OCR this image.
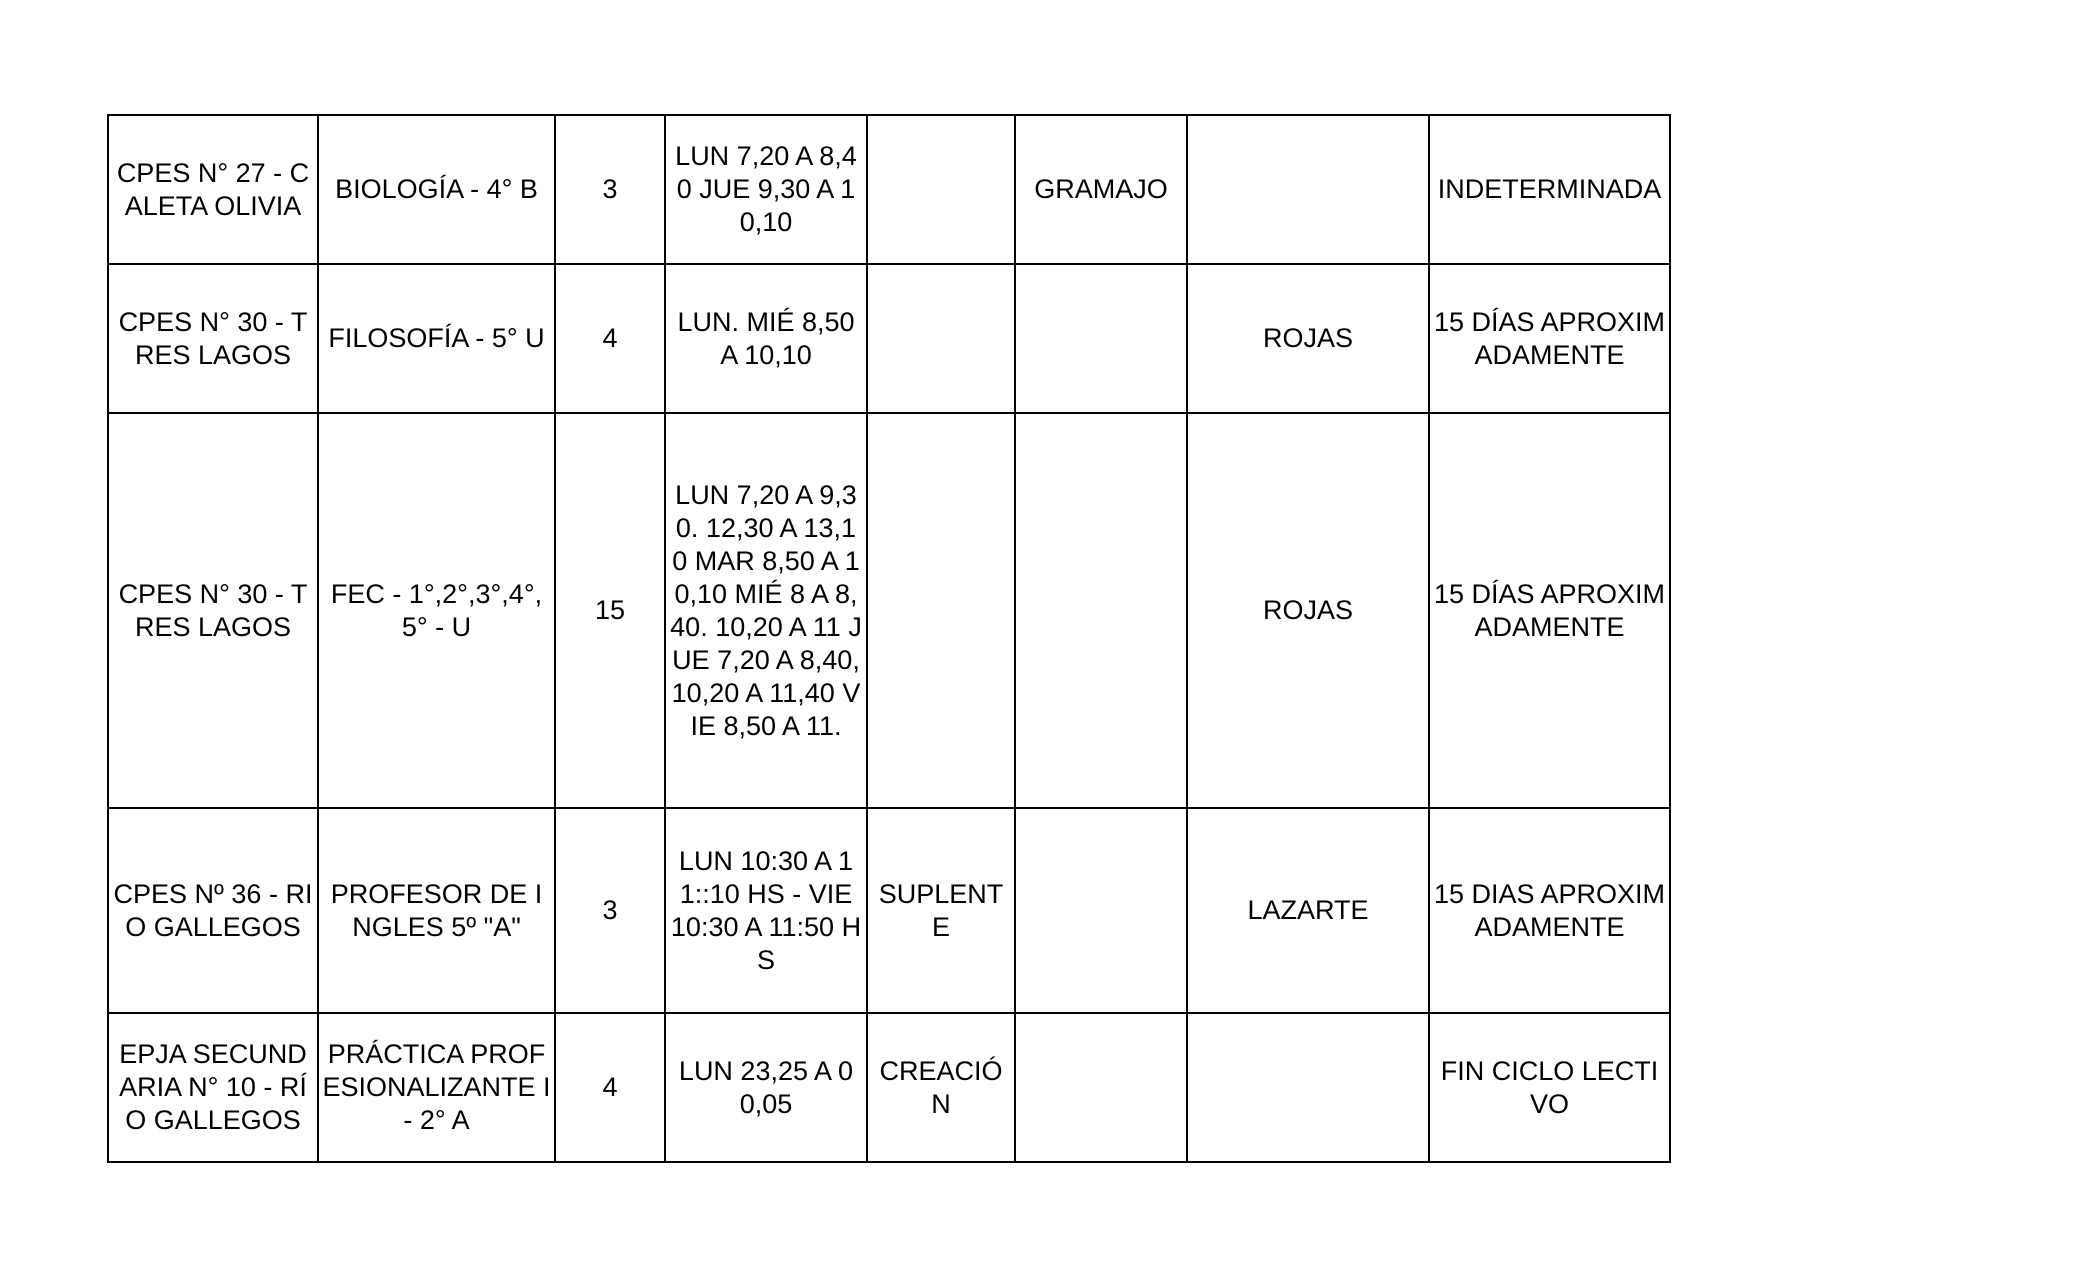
CPES N° 27 - CALETA OLIVIA	BIOLOGÍA - 4° B	3	LUN 7,20 A 8,40 JUE 9,30 A 10,10		GRAMAJO		INDETERMINADA
CPES N° 30 - TRES LAGOS	FILOSOFÍA - 5° U	4	LUN. MIÉ 8,50 A 10,10			ROJAS	15 DÍAS APROXIMADAMENTE
CPES N° 30 - TRES LAGOS	FEC - 1°,2°,3°,4°,5° - U	15	LUN 7,20 A 9,30. 12,30 A 13,10 MAR 8,50 A 10,10 MIÉ 8 A 8,40. 10,20 A 11 JUE 7,20 A 8,40, 10,20 A 11,40 VIE 8,50 A 11.			ROJAS	15 DÍAS APROXIMADAMENTE
CPES Nº 36 - RIO GALLEGOS	PROFESOR DE INGLES 5º "A"	3	LUN 10:30 A 11::10 HS - VIE 10:30 A 11:50 HS	SUPLENTE		LAZARTE	15 DIAS APROXIMADAMENTE
EPJA SECUNDARIA N° 10 - RÍO GALLEGOS	PRÁCTICA PROFESIONALIZANTE I - 2° A	4	LUN 23,25 A 00,05	CREACIÓN			FIN CICLO LECTIVO
